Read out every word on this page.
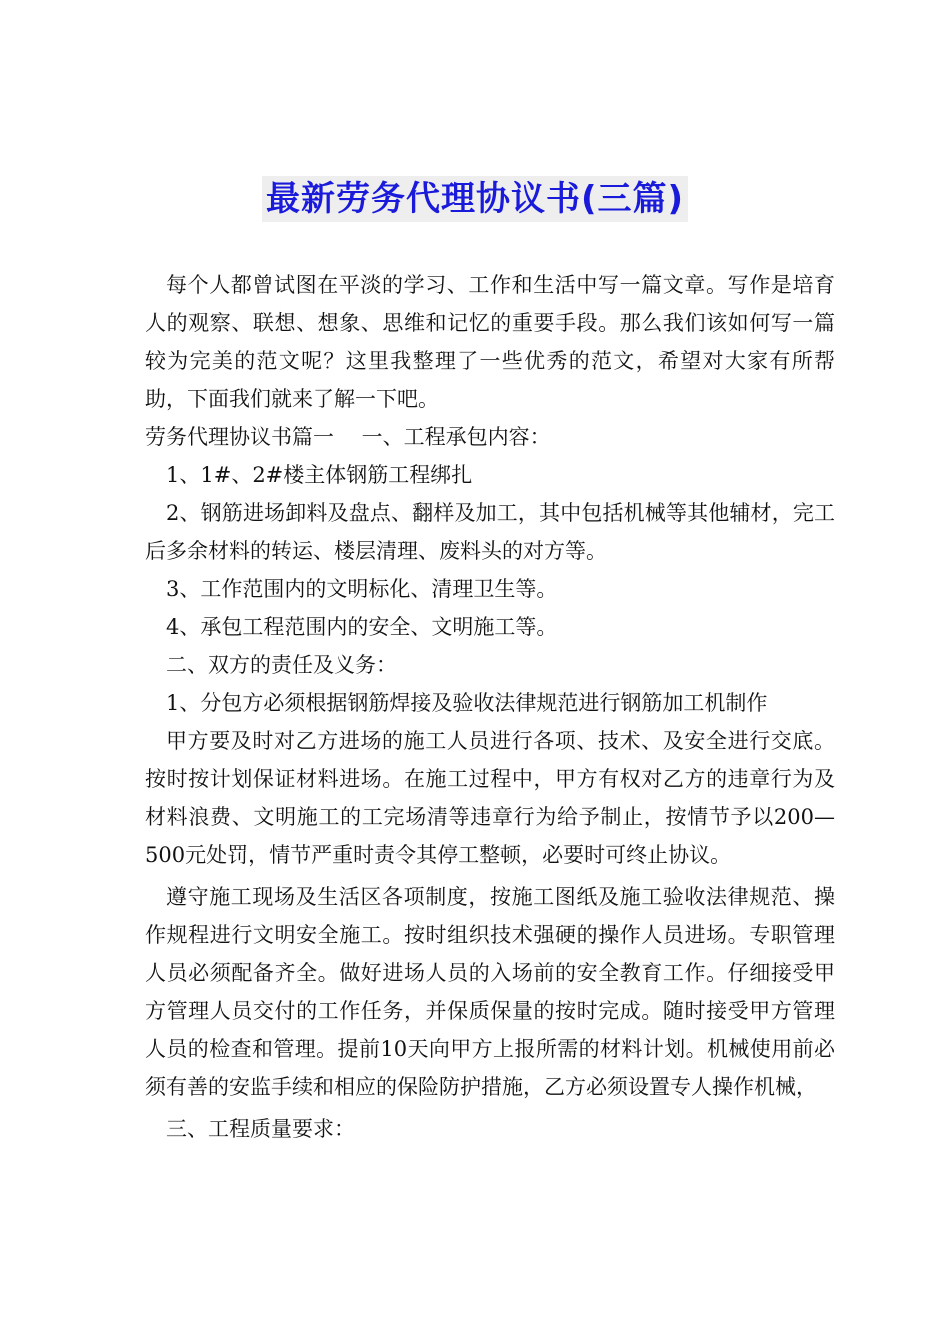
最新劳务代理协议书(三篇)

每个人都曾试图在平淡的学习、工作和生活中写一篇文章。写作是培育人的观察、联想、想象、思维和记忆的重要手段。那么我们该如何写一篇较为完美的范文呢？这里我整理了一些优秀的范文，希望对大家有所帮助，下面我们就来了解一下吧。

劳务代理协议书篇一　 一、工程承包内容：

1、1#、2#楼主体钢筋工程绑扎

2、钢筋进场卸料及盘点、翻样及加工，其中包括机械等其他辅材，完工后多余材料的转运、楼层清理、废料头的对方等。

3、工作范围内的文明标化、清理卫生等。

4、承包工程范围内的安全、文明施工等。

二、双方的责任及义务：

1、分包方必须根据钢筋焊接及验收法律规范进行钢筋加工机制作

甲方要及时对乙方进场的施工人员进行各项、技术、及安全进行交底。按时按计划保证材料进场。在施工过程中，甲方有权对乙方的违章行为及材料浪费、文明施工的工完场清等违章行为给予制止，按情节予以200—500元处罚，情节严重时责令其停工整顿，必要时可终止协议。

遵守施工现场及生活区各项制度，按施工图纸及施工验收法律规范、操作规程进行文明安全施工。按时组织技术强硬的操作人员进场。专职管理人员必须配备齐全。做好进场人员的入场前的安全教育工作。仔细接受甲方管理人员交付的工作任务，并保质保量的按时完成。随时接受甲方管理人员的检查和管理。提前10天向甲方上报所需的材料计划。机械使用前必须有善的安监手续和相应的保险防护措施，乙方必须设置专人操作机械，

三、工程质量要求：
